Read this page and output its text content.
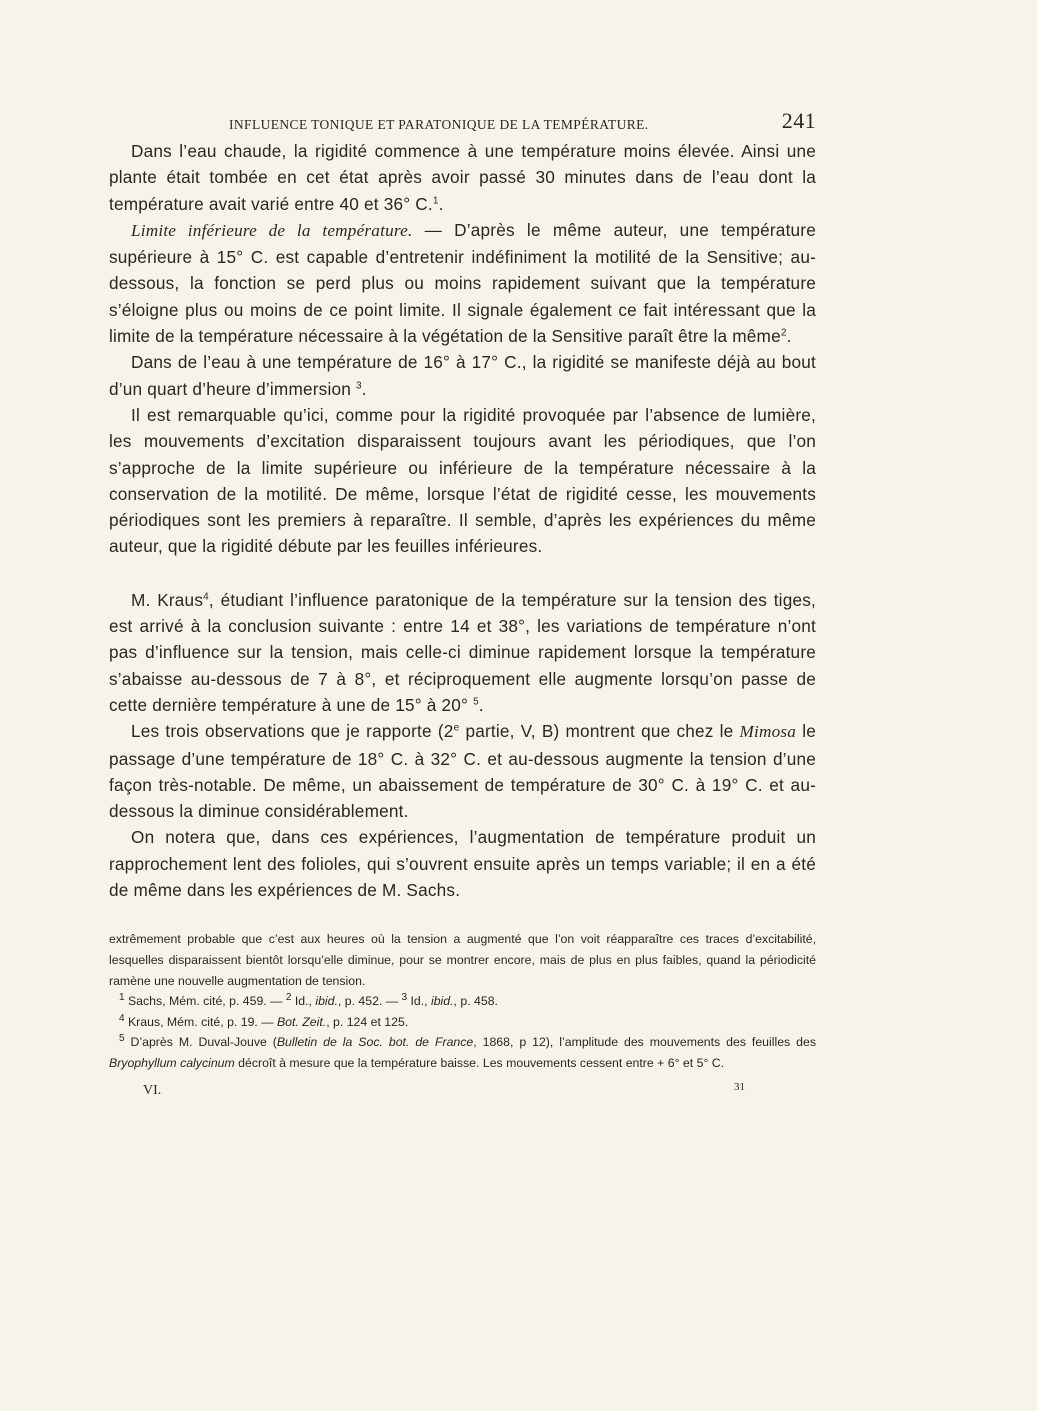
INFLUENCE TONIQUE ET PARATONIQUE DE LA TEMPÉRATURE.	241

Dans l’eau chaude, la rigidité commence à une température moins élevée. Ainsi une plante était tombée en cet état après avoir passé 30 minutes dans de l’eau dont la température avait varié entre 40 et 36° C.$^1$.

Limite inférieure de la température. — D’après le même auteur, une température supérieure à 15° C. est capable d’entretenir indéfiniment la motilité de la Sensitive; au-dessous, la fonction se perd plus ou moins rapidement suivant que la température s’éloigne plus ou moins de ce point limite. Il signale également ce fait intéressant que la limite de la température nécessaire à la végétation de la Sensitive paraît être la même$^2$.

Dans de l’eau à une température de 16° à 17° C., la rigidité se manifeste déjà au bout d’un quart d’heure d’immersion $^3$.

Il est remarquable qu’ici, comme pour la rigidité provoquée par l’absence de lumière, les mouvements d’excitation disparaissent toujours avant les périodiques, que l’on s’approche de la limite supérieure ou inférieure de la température nécessaire à la conservation de la motilité. De même, lorsque l’état de rigidité cesse, les mouvements périodiques sont les premiers à reparaître. Il semble, d’après les expériences du même auteur, que la rigidité débute par les feuilles inférieures.

M. Kraus$^4$, étudiant l’influence paratonique de la température sur la tension des tiges, est arrivé à la conclusion suivante : entre 14 et 38°, les variations de température n’ont pas d’influence sur la tension, mais celle-ci diminue rapidement lorsque la température s’abaisse au-dessous de 7 à 8°, et réciproquement elle augmente lorsqu’on passe de cette dernière température à une de 15° à 20° $^5$.

Les trois observations que je rapporte (2e partie, V, B) montrent que chez le Mimosa le passage d’une température de 18° C. à 32° C. et au-dessous augmente la tension d’une façon très-notable. De même, un abaissement de température de 30° C. à 19° C. et au-dessous la diminue considérablement.

On notera que, dans ces expériences, l’augmentation de température produit un rapprochement lent des folioles, qui s’ouvrent ensuite après un temps variable; il en a été de même dans les expériences de M. Sachs.

extrêmement probable que c’est aux heures où la tension a augmenté que l’on voit réapparaître ces traces d’excitabilité, lesquelles disparaissent bientôt lorsqu’elle diminue, pour se montrer encore, mais de plus en plus faibles, quand la périodicité ramène une nouvelle augmentation de tension.

$^1$ Sachs, Mém. cité, p. 459. — $^2$ Id., ibid., p. 452. — $^3$ Id., ibid., p. 458.

$^4$ Kraus, Mém. cité, p. 19. — Bot. Zeit., p. 124 et 125.

$^5$ D’après M. Duval-Jouve (Bulletin de la Soc. bot. de France, 1868, p 12), l’amplitude des mouvements des feuilles des Bryophyllum calycinum décroît à mesure que la température baisse. Les mouvements cessent entre + 6° et 5° C.

VI.	31
